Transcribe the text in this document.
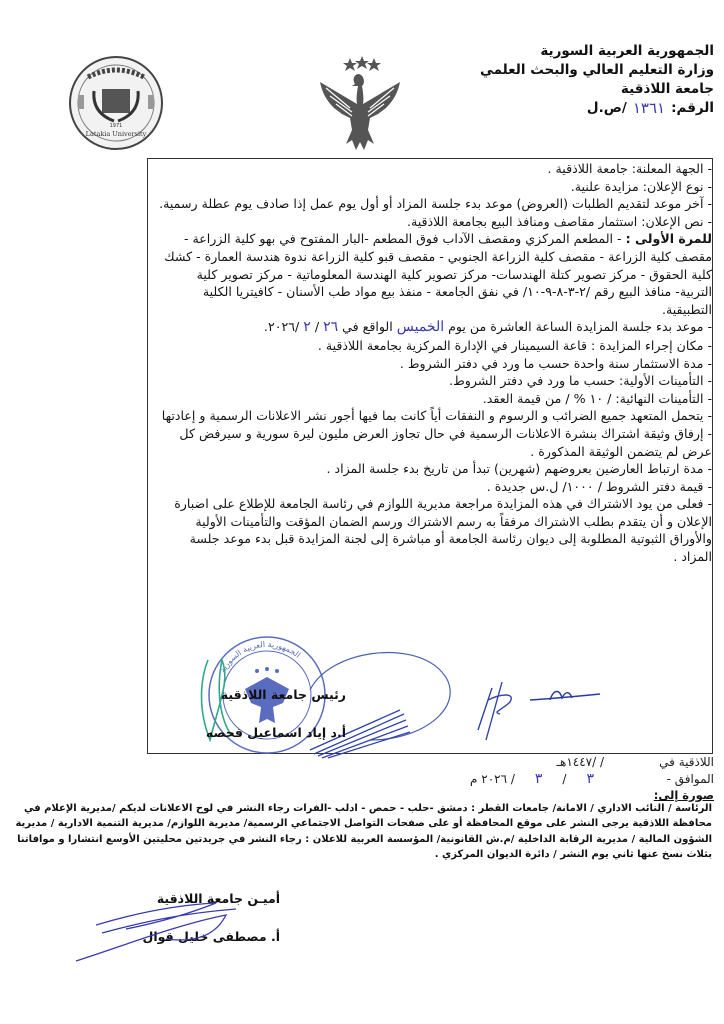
الجمهورية العربية السورية
وزارة التعليم العالي والبحث العلمي
جامعة اللاذقية
الرقم:
١٣٦١
/ص.ل
1971
Latakia University

- الجهة المعلنة: جامعة اللاذقية .

- نوع الإعلان: مزايدة علنية.

- آخر موعد لتقديم الطلبات (العروض) موعد بدء جلسة المزاد أو أول يوم عمل إذا صادف يوم عطلة رسمية.

- نص الإعلان: استثمار مقاصف ومنافذ البيع بجامعة اللاذقية.

للمرة الأولى : - المطعم المركزي ومقصف الآداب فوق المطعم -البار المفتوح في بهو كلية الزراعة - مقصف كلية الزراعة - مقصف كلية الزراعة الجنوبي - مقصف قبو كلية الزراعة ندوة هندسة العمارة - كشك كلية الحقوق - مركز تصوير كتلة الهندسات- مركز تصوير كلية الهندسة المعلوماتية - مركز تصوير كلية التربية- منافذ البيع رقم /٢-٣-٨-٩-١٠/ في نفق الجامعة - منفذ بيع مواد طب الأسنان - كافيتريا الكلية التطبيقية.

- موعد بدء جلسة المزايدة الساعة العاشرة من يوم الخميس الواقع في ٢٦ / ٢ /٢٠٢٦.

- مكان إجراء المزايدة : قاعة السيمينار في الإدارة المركزية بجامعة اللاذقية .

- مدة الاستثمار سنة واحدة حسب ما ورد في دفتر الشروط .

- التأمينات الأولية: حسب ما ورد في دفتر الشروط.

- التأمينات النهائية: / ١٠ % / من قيمة العقد.

- يتحمل المتعهد جميع الضرائب و الرسوم و النفقات أياً كانت بما فيها أجور نشر الاعلانات الرسمية و إعادتها

- إرفاق وثيقة اشتراك بنشرة الاعلانات الرسمية في حال تجاوز العرض مليون ليرة سورية و سيرفض كل عرض لم يتضمن الوثيقة المذكورة .

- مدة ارتباط العارضين بعروضهم (شهرين) تبدأ من تاريخ بدء جلسة المزاد .

- قيمة دفتر الشروط / ١٠٠٠/ ل.س جديدة .

- فعلى من يود الاشتراك في هذه المزايدة مراجعة مديرية اللوازم في رئاسة الجامعة للإطلاع على اضبارة الإعلان و أن يتقدم بطلب الاشتراك مرفقاً به رسم الاشتراك ورسم الضمان المؤقت والتأمينات الأولية والأوراق الثبوتية المطلوبة إلى ديوان رئاسة الجامعة أو مباشرة إلى لجنة المزايدة قبل بدء موعد جلسة المزاد .

الجمهورية العربية السورية
رئيس جامعة اللاذقية
أ.د إياد اسماعيل فحصه
اللاذقية في
/ /١٤٤٧هـ
الموافق -
٣
/
٣
/ ٢٠٢٦ م
صورة إلى:
الرئاسة / النائب الاداري / الامانة/ جامعات القطر : دمشق -حلب - حمص - ادلب -الفرات رجاء النشر في لوح الاعلانات لديكم /مديرية الإعلام في محافظة اللاذقية يرجى النشر على موقع المحافظة أو على صفحات التواصل الاجتماعي الرسمية/ مديرية اللوازم/ مديرية التنمية الادارية / مديرية الشؤون المالية / مديرية الرقابة الداخلية /م.ش القانونية/ المؤسسة العربية للاعلان : رجاء النشر في جريدتين محليتين الأوسع انتشارا و موافاتنا بثلاث نسخ عنها ثاني يوم النشر / دائرة الديوان المركزي .
أميـن جامعة اللاذقية
أ. مصطفى خليل قوال
